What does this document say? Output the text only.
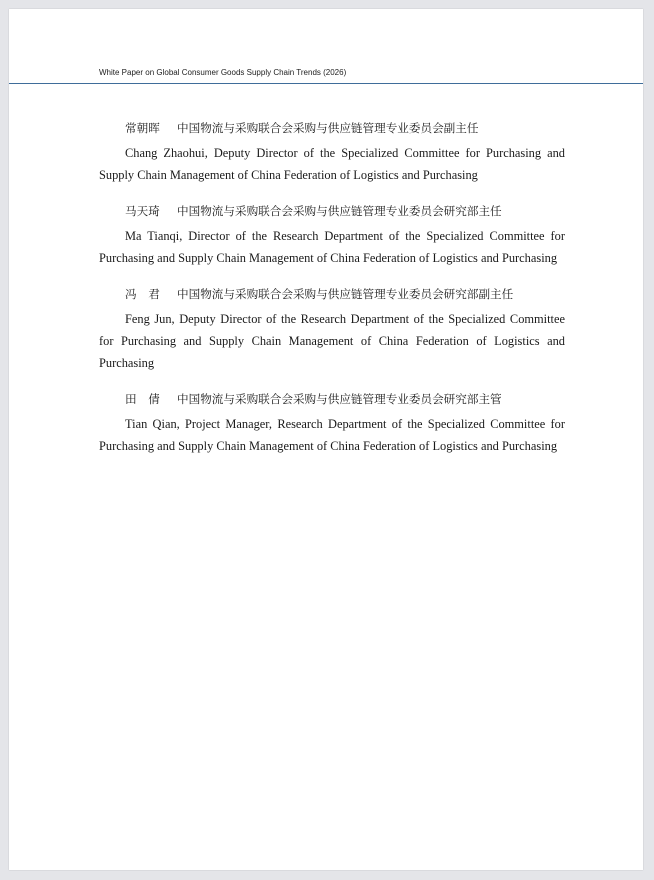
White Paper on Global Consumer Goods Supply Chain Trends (2026)
常朝晖 中国物流与采购联合会采购与供应链管理专业委员会副主任
Chang Zhaohui, Deputy Director of the Specialized Committee for Purchasing and Supply Chain Management of China Federation of Logistics and Purchasing
马天琦 中国物流与采购联合会采购与供应链管理专业委员会研究部主任
Ma Tianqi, Director of the Research Department of the Specialized Committee for Purchasing and Supply Chain Management of China Federation of Logistics and Purchasing
冯　君 中国物流与采购联合会采购与供应链管理专业委员会研究部副主任
Feng Jun, Deputy Director of the Research Department of the Specialized Committee for Purchasing and Supply Chain Management of China Federation of Logistics and Purchasing
田　倩 中国物流与采购联合会采购与供应链管理专业委员会研究部主管
Tian Qian, Project Manager, Research Department of the Specialized Committee for Purchasing and Supply Chain Management of China Federation of Logistics and Purchasing
